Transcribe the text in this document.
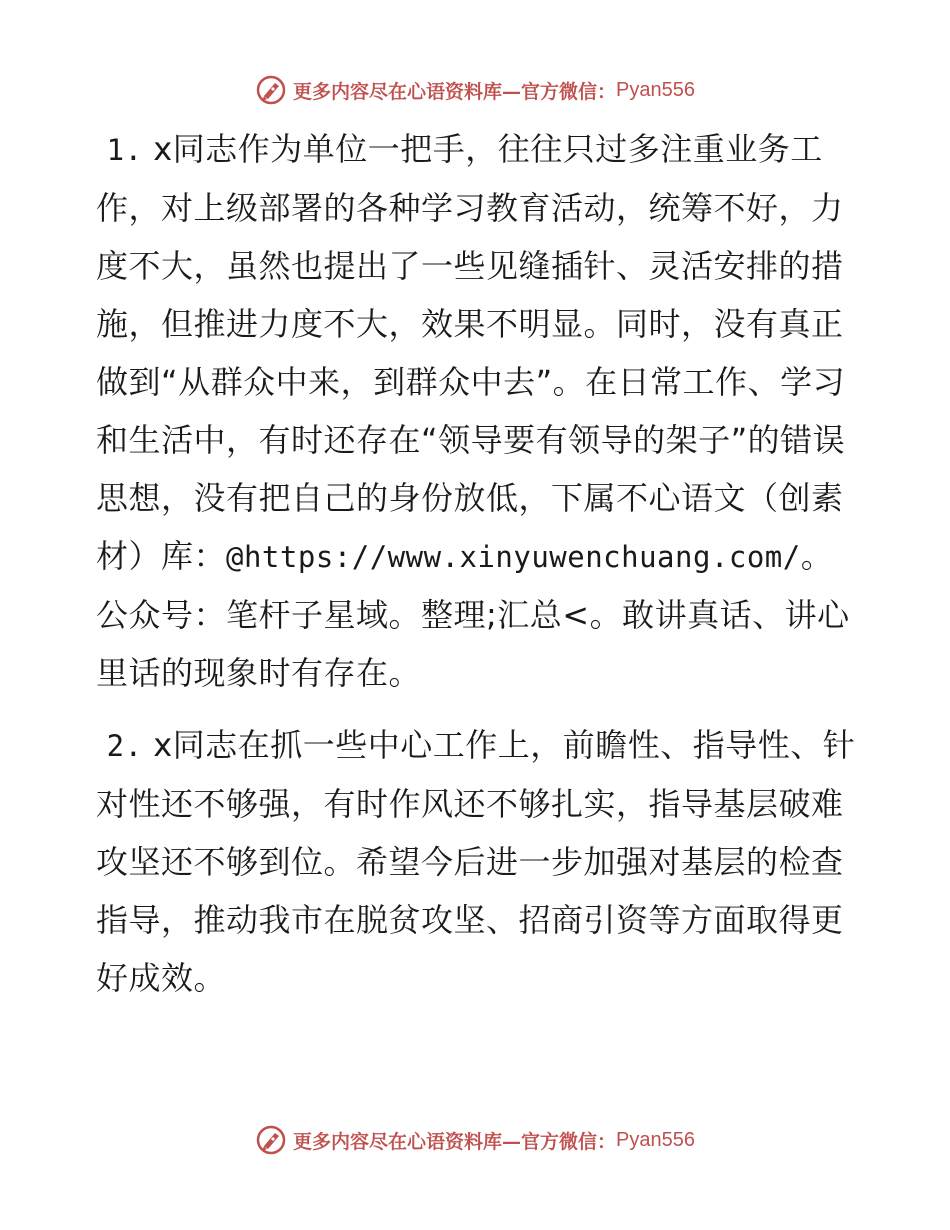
更多内容尽在心语资料库—官方微信： Pyan556

1. x同志作为单位一把手，往往只过多注重业务工作，对上级部署的各种学习教育活动，统筹不好，力度不大，虽然也提出了一些见缝插针、灵活安排的措施，但推进力度不大，效果不明显。同时，没有真正做到“从群众中来，到群众中去”。在日常工作、学习和生活中，有时还存在“领导要有领导的架子”的错误思想，没有把自己的身份放低，下属不心语文（创素材）库：@https://www.xinyuwenchuang.com/。公众号：笔杆子星域。整理;汇总<。敢讲真话、讲心里话的现象时有存在。

2. x同志在抓一些中心工作上，前瞻性、指导性、针对性还不够强，有时作风还不够扎实，指导基层破难攻坚还不够到位。希望今后进一步加强对基层的检查指导，推动我市在脱贫攻坚、招商引资等方面取得更好成效。

更多内容尽在心语资料库—官方微信： Pyan556
